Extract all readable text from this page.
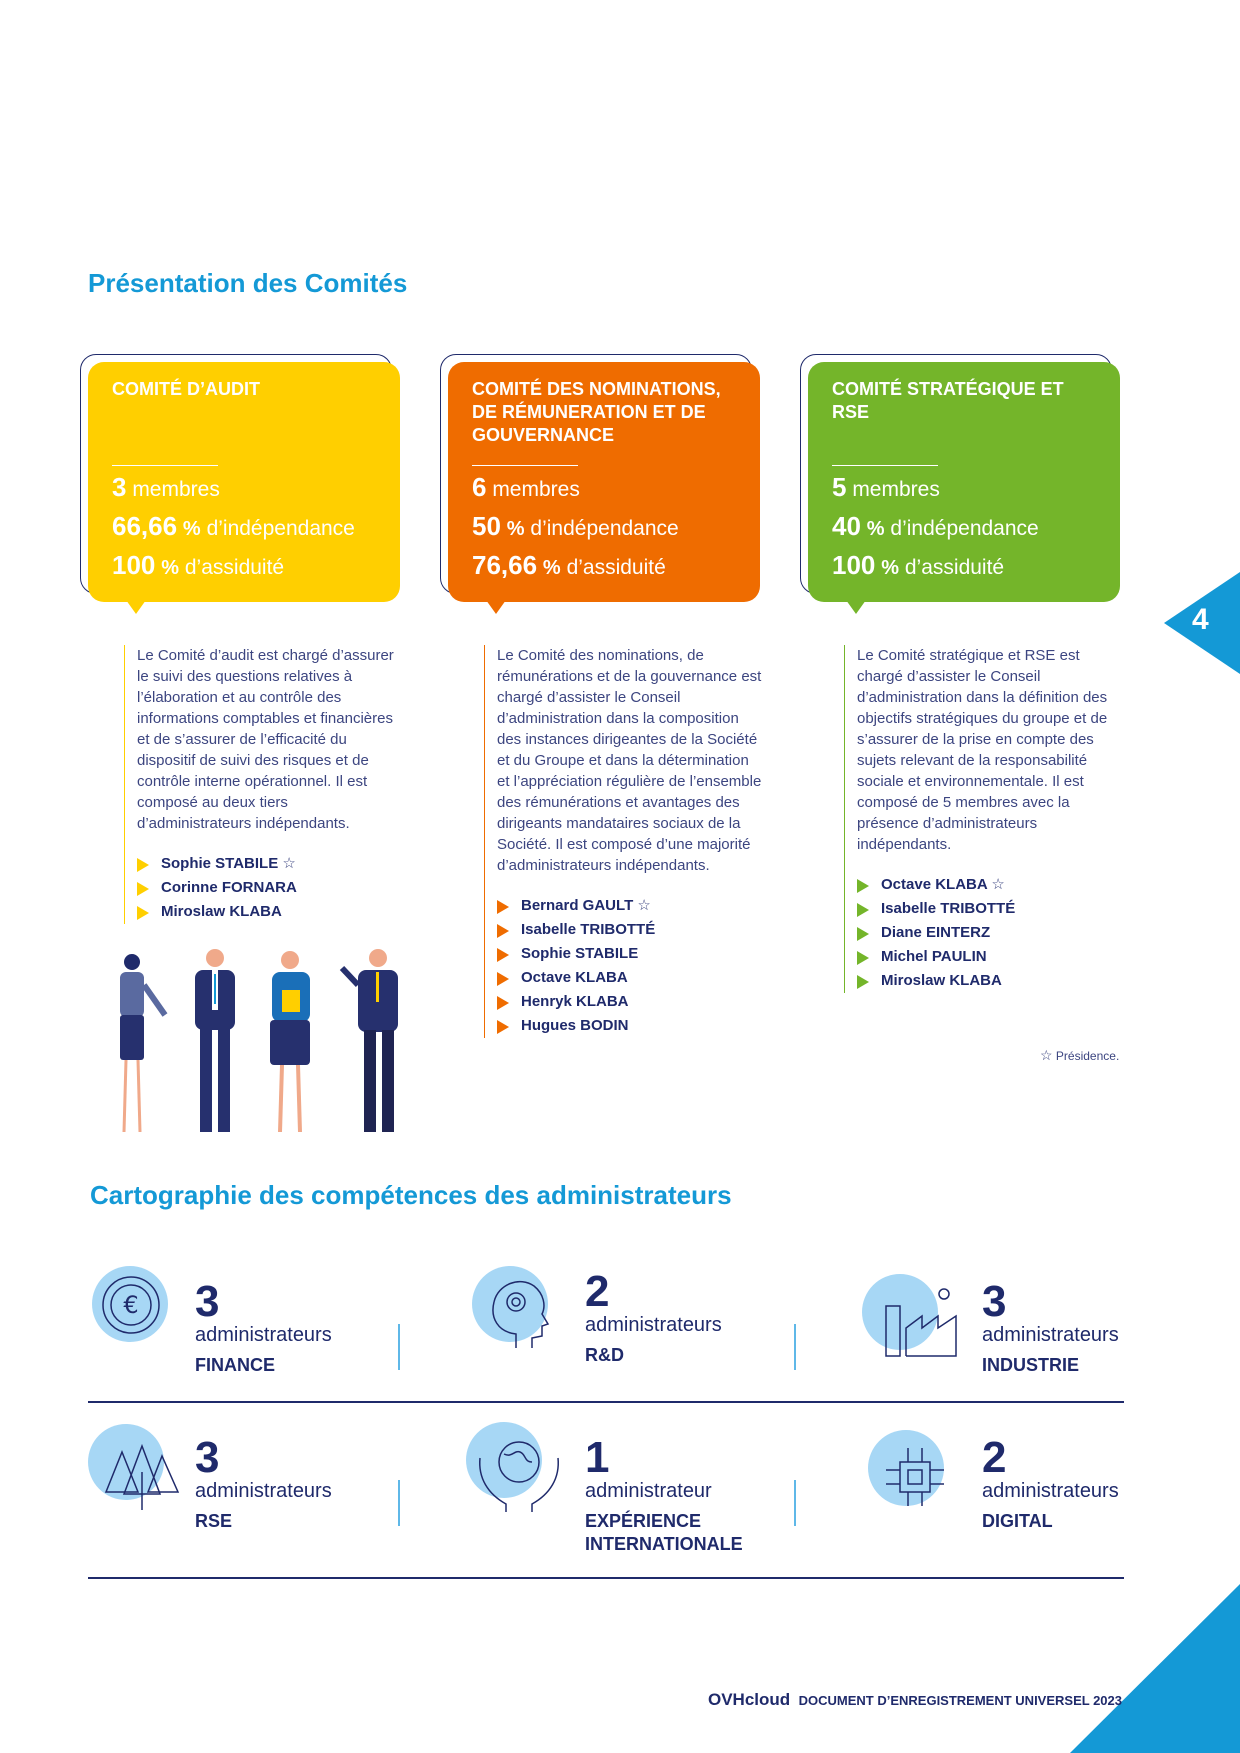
Présentation des Comités
COMITÉ D’AUDIT
3 membres
66,66 % d’indépendance
100 % d’assiduité
COMITÉ DES NOMINATIONS, DE RÉMUNERATION ET DE GOUVERNANCE
6 membres
50 % d’indépendance
76,66 % d’assiduité
COMITÉ STRATÉGIQUE ET RSE
5 membres
40 % d’indépendance
100 % d’assiduité

Le Comité d’audit est chargé d’assurer le suivi des questions relatives à l’élaboration et au contrôle des informations comptables et financières et de s’assurer de l’efficacité du dispositif de suivi des risques et de contrôle interne opérationnel. Il est composé au deux tiers d’administrateurs indépendants.

Sophie STABILE ☆
Corinne FORNARA
Miroslaw KLABA

Le Comité des nominations, de rémunérations et de la gouvernance est chargé d’assister le Conseil d’administration dans la composition des instances dirigeantes de la Société et du Groupe et dans la détermination et l’appréciation régulière de l’ensemble des rémunérations et avantages des dirigeants mandataires sociaux de la Société. Il est composé d’une majorité d’administrateurs indépendants.

Bernard GAULT ☆
Isabelle TRIBOTTÉ
Sophie STABILE
Octave KLABA
Henryk KLABA
Hugues BODIN

Le Comité stratégique et RSE est chargé d’assister le Conseil d’administration dans la définition des objectifs stratégiques du groupe et de s’assurer de la prise en compte des sujets relevant de la responsabilité sociale et environnementale. Il est composé de 5 membres avec la présence d’administrateurs indépendants.

Octave KLABA ☆
Isabelle TRIBOTTÉ
Diane EINTERZ
Michel PAULIN
Miroslaw KLABA
☆ Présidence.
4
Cartographie des compétences des administrateurs
€ 3
administrateurs
FINANCE
2
administrateurs
R&D
3
administrateurs
INDUSTRIE
3
administrateurs
RSE
1
administrateur
EXPÉRIENCE INTERNATIONALE
2
administrateurs
DIGITAL
OVHcloud DOCUMENT D’ENREGISTREMENT UNIVERSEL 2023
